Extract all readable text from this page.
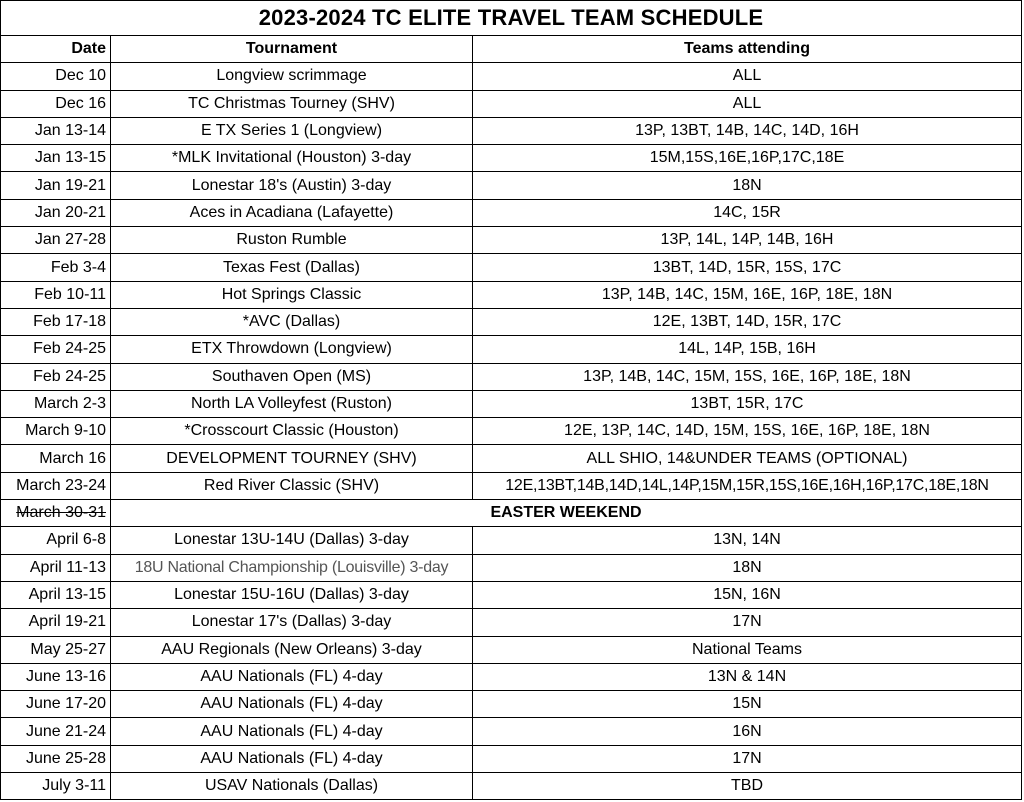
2023-2024 TC ELITE TRAVEL TEAM SCHEDULE		
Date	Tournament	Teams attending
Dec 10	Longview scrimmage	ALL
Dec 16	TC Christmas Tourney (SHV)	ALL
Jan 13-14	E TX Series 1 (Longview)	13P, 13BT, 14B, 14C, 14D, 16H
Jan 13-15	*MLK Invitational (Houston) 3-day	15M,15S,16E,16P,17C,18E
Jan 19-21	Lonestar 18's (Austin) 3-day	18N
Jan 20-21	Aces in Acadiana (Lafayette)	14C, 15R
Jan 27-28	Ruston Rumble	13P, 14L, 14P, 14B, 16H
Feb 3-4	Texas Fest (Dallas)	13BT, 14D, 15R, 15S, 17C
Feb 10-11	Hot Springs Classic	13P, 14B, 14C, 15M, 16E, 16P, 18E, 18N
Feb 17-18	*AVC (Dallas)	12E, 13BT, 14D, 15R, 17C
Feb 24-25	ETX Throwdown (Longview)	14L, 14P, 15B, 16H
Feb 24-25	Southaven Open (MS)	13P, 14B, 14C, 15M, 15S, 16E, 16P, 18E, 18N
March 2-3	North LA Volleyfest (Ruston)	13BT, 15R, 17C
March 9-10	*Crosscourt Classic (Houston)	12E, 13P, 14C, 14D, 15M, 15S, 16E, 16P, 18E, 18N
March 16	DEVELOPMENT TOURNEY (SHV)	ALL SHIO, 14&UNDER TEAMS (OPTIONAL)
March 23-24	Red River Classic (SHV)	12E,13BT,14B,14D,14L,14P,15M,15R,15S,16E,16H,16P,17C,18E,18N
March 30-31	EASTER WEEKEND	
April 6-8	Lonestar 13U-14U (Dallas) 3-day	13N, 14N
April 11-13	18U National Championship (Louisville) 3-day	18N
April 13-15	Lonestar 15U-16U (Dallas) 3-day	15N, 16N
April 19-21	Lonestar 17's (Dallas) 3-day	17N
May 25-27	AAU Regionals (New Orleans) 3-day	National Teams
June 13-16	AAU Nationals (FL) 4-day	13N & 14N
June 17-20	AAU Nationals (FL) 4-day	15N
June 21-24	AAU Nationals (FL) 4-day	16N
June 25-28	AAU Nationals (FL) 4-day	17N
July 3-11	USAV Nationals (Dallas)	TBD
